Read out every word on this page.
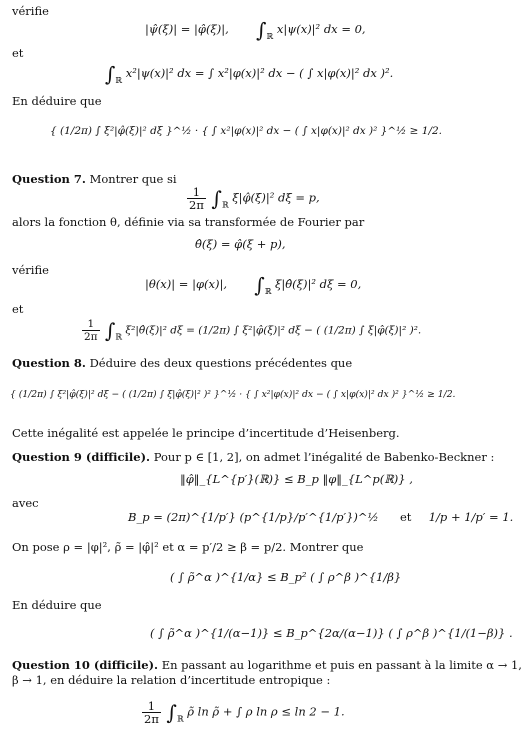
vérifie
|ψ̂(ξ)| = |φ̂(ξ)|, $\int_ℝ$ x|ψ(x)|² dx = 0,
et
$\int_ℝ$ x²|ψ(x)|² dx = ∫ x²|φ(x)|² dx − ( ∫ x|φ(x)|² dx )².
En déduire que
{ (1/2π) ∫ ξ²|φ̂(ξ)|² dξ }^½ · { ∫ x²|φ(x)|² dx − ( ∫ x|φ(x)|² dx )² }^½ ≥ 1/2.
Question 7. Montrer que si
$\frac{1}{2\pi} \int_ℝ$ ξ|φ̂(ξ)|² dξ = p,
alors la fonction θ, définie via sa transformée de Fourier par
θ̂(ξ) = φ̂(ξ + p),
vérifie
|θ(x)| = |φ(x)|, $\int_ℝ$ ξ|θ̂(ξ)|² dξ = 0,
et
$\frac{1}{2\pi} \int_ℝ$ ξ²|θ̂(ξ)|² dξ = (1/2π) ∫ ξ²|φ̂(ξ)|² dξ − ( (1/2π) ∫ ξ|φ̂(ξ)|² )².
Question 8. Déduire des deux questions précédentes que
{ (1/2π) ∫ ξ²|φ̂(ξ)|² dξ − ( (1/2π) ∫ ξ|φ̂(ξ)|² )² }^½ · { ∫ x²|φ(x)|² dx − ( ∫ x|φ(x)|² dx )² }^½ ≥ 1/2.
Cette inégalité est appelée le principe d’incertitude d’Heisenberg.
Question 9 (difficile). Pour p ∈ [1, 2], on admet l’inégalité de Babenko-Beckner :
‖φ̂‖_{L^{p′}(ℝ)} ≤ B_p ‖φ‖_{L^p(ℝ)} ,
avec
B_p = (2π)^{1/p′} (p^{1/p}/p′^{1/p′})^½ et 1/p + 1/p′ = 1.
On pose ρ = |φ|², ρ̃ = |φ̂|² et α = p′/2 ≥ β = p/2. Montrer que
( ∫ ρ̃^α )^{1/α} ≤ B_p² ( ∫ ρ^β )^{1/β}
En déduire que
( ∫ ρ̃^α )^{1/(α−1)} ≤ B_p^{2α/(α−1)} ( ∫ ρ^β )^{1/(1−β)} .
Question 10 (difficile). En passant au logarithme et puis en passant à la limite α → 1,
β → 1, en déduire la relation d’incertitude entropique :
$\frac{1}{2\pi} \int_ℝ$ ρ̃ ln ρ̃ + ∫ ρ ln ρ ≤ ln 2 − 1.
